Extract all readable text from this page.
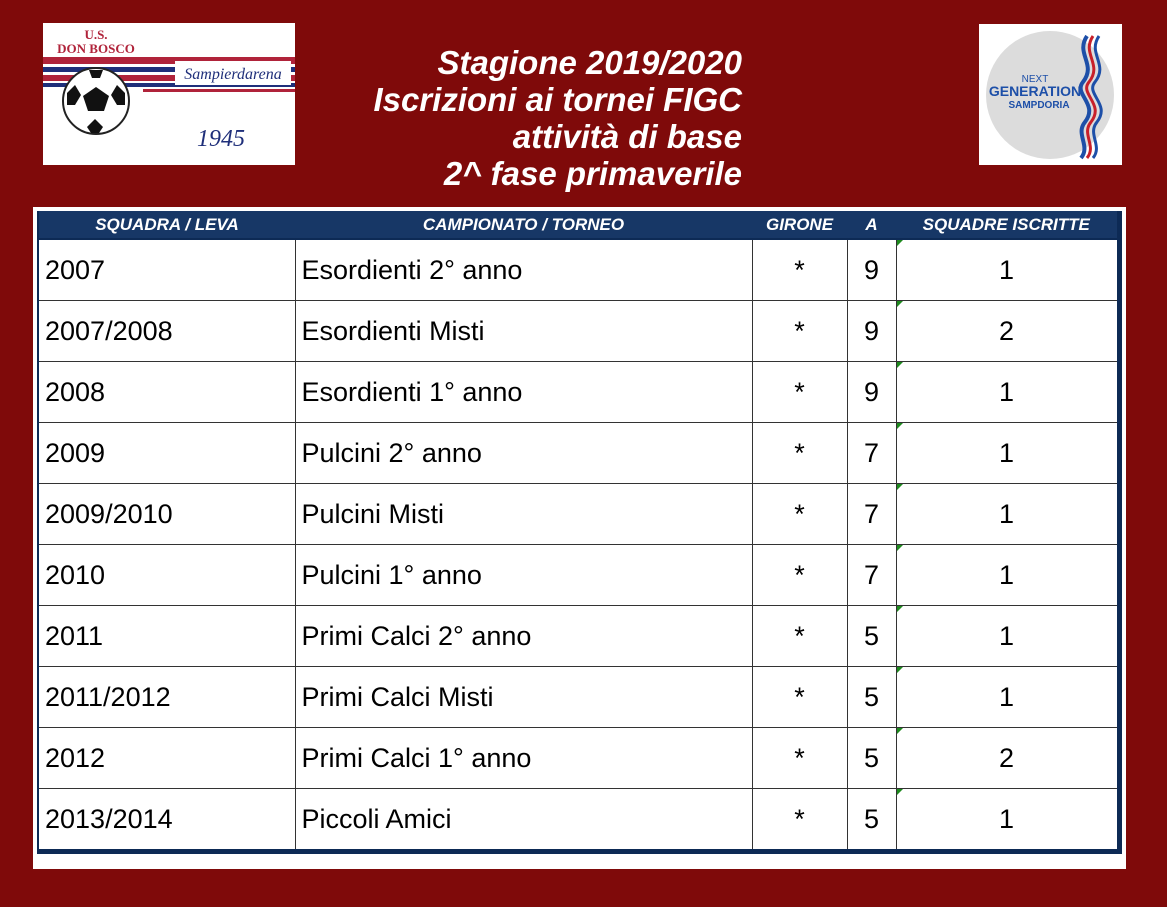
U.S.
DON BOSCO
Sampierdarena
1945
Stagione 2019/2020
Iscrizioni ai tornei FIGC
attività di base
2^ fase primaverile
NEXT
GENERATION
SAMPDORIA
SQUADRA / LEVA	CAMPIONATO / TORNEO	GIRONE	A	SQUADRE ISCRITTE
2007	Esordienti 2° anno	*	9	1
2007/2008	Esordienti Misti	*	9	2
2008	Esordienti 1° anno	*	9	1
2009	Pulcini 2° anno	*	7	1
2009/2010	Pulcini Misti	*	7	1
2010	Pulcini 1° anno	*	7	1
2011	Primi Calci 2° anno	*	5	1
2011/2012	Primi Calci Misti	*	5	1
2012	Primi Calci 1° anno	*	5	2
2013/2014	Piccoli Amici	*	5	1
